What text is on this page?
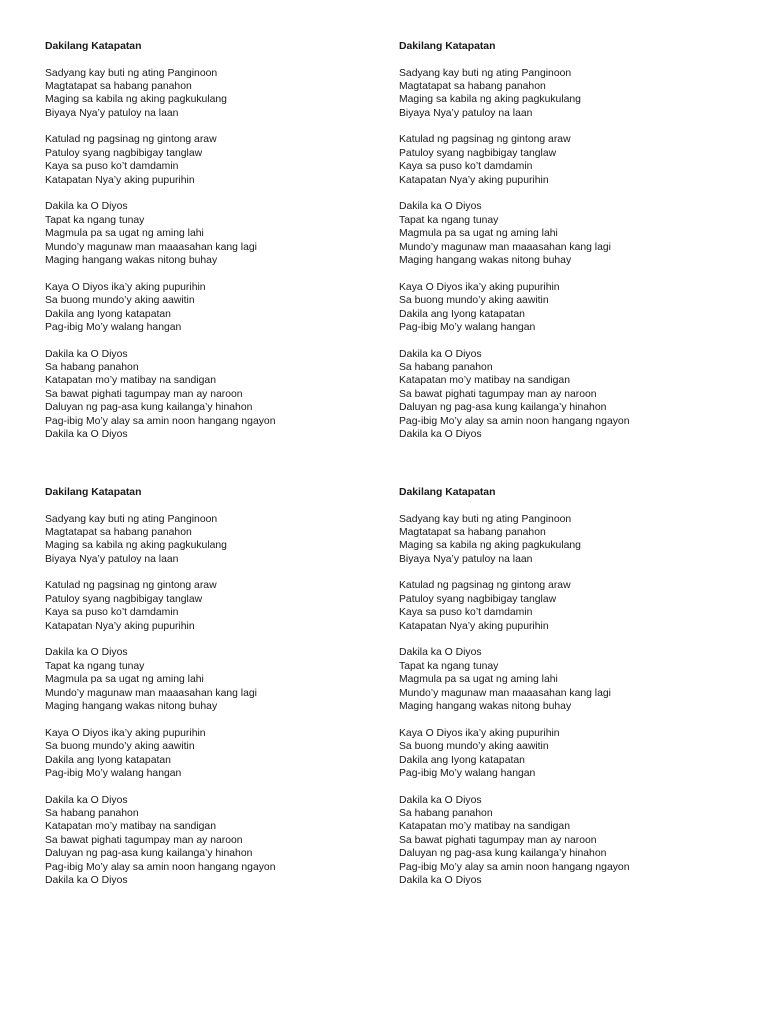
Dakilang Katapatan
Sadyang kay buti ng ating Panginoon
Magtatapat sa habang panahon
Maging sa kabila ng aking pagkukulang
Biyaya Nya’y patuloy na laan
Katulad ng pagsinag ng gintong araw
Patuloy syang nagbibigay tanglaw
Kaya sa puso ko’t damdamin
Katapatan Nya’y aking pupurihin
Dakila ka O Diyos
Tapat ka ngang tunay
Magmula pa sa ugat ng aming lahi
Mundo’y magunaw man maaasahan kang lagi
Maging hangang wakas nitong buhay
Kaya O Diyos ika’y aking pupurihin
Sa buong mundo’y aking aawitin
Dakila ang Iyong katapatan
Pag-ibig Mo’y walang hangan
Dakila ka O Diyos
Sa habang panahon
Katapatan mo’y matibay na sandigan
Sa bawat pighati tagumpay man ay naroon
Daluyan ng pag-asa kung kailanga’y hinahon
Pag-ibig Mo’y alay sa amin noon hangang ngayon
Dakila ka O Diyos
Dakilang Katapatan
Sadyang kay buti ng ating Panginoon
Magtatapat sa habang panahon
Maging sa kabila ng aking pagkukulang
Biyaya Nya’y patuloy na laan
Katulad ng pagsinag ng gintong araw
Patuloy syang nagbibigay tanglaw
Kaya sa puso ko’t damdamin
Katapatan Nya’y aking pupurihin
Dakila ka O Diyos
Tapat ka ngang tunay
Magmula pa sa ugat ng aming lahi
Mundo’y magunaw man maaasahan kang lagi
Maging hangang wakas nitong buhay
Kaya O Diyos ika’y aking pupurihin
Sa buong mundo’y aking aawitin
Dakila ang Iyong katapatan
Pag-ibig Mo’y walang hangan
Dakila ka O Diyos
Sa habang panahon
Katapatan mo’y matibay na sandigan
Sa bawat pighati tagumpay man ay naroon
Daluyan ng pag-asa kung kailanga’y hinahon
Pag-ibig Mo’y alay sa amin noon hangang ngayon
Dakila ka O Diyos
Dakilang Katapatan
Sadyang kay buti ng ating Panginoon
Magtatapat sa habang panahon
Maging sa kabila ng aking pagkukulang
Biyaya Nya’y patuloy na laan
Katulad ng pagsinag ng gintong araw
Patuloy syang nagbibigay tanglaw
Kaya sa puso ko’t damdamin
Katapatan Nya’y aking pupurihin
Dakila ka O Diyos
Tapat ka ngang tunay
Magmula pa sa ugat ng aming lahi
Mundo’y magunaw man maaasahan kang lagi
Maging hangang wakas nitong buhay
Kaya O Diyos ika’y aking pupurihin
Sa buong mundo’y aking aawitin
Dakila ang Iyong katapatan
Pag-ibig Mo’y walang hangan
Dakila ka O Diyos
Sa habang panahon
Katapatan mo’y matibay na sandigan
Sa bawat pighati tagumpay man ay naroon
Daluyan ng pag-asa kung kailanga’y hinahon
Pag-ibig Mo’y alay sa amin noon hangang ngayon
Dakila ka O Diyos
Dakilang Katapatan
Sadyang kay buti ng ating Panginoon
Magtatapat sa habang panahon
Maging sa kabila ng aking pagkukulang
Biyaya Nya’y patuloy na laan
Katulad ng pagsinag ng gintong araw
Patuloy syang nagbibigay tanglaw
Kaya sa puso ko’t damdamin
Katapatan Nya’y aking pupurihin
Dakila ka O Diyos
Tapat ka ngang tunay
Magmula pa sa ugat ng aming lahi
Mundo’y magunaw man maaasahan kang lagi
Maging hangang wakas nitong buhay
Kaya O Diyos ika’y aking pupurihin
Sa buong mundo’y aking aawitin
Dakila ang Iyong katapatan
Pag-ibig Mo’y walang hangan
Dakila ka O Diyos
Sa habang panahon
Katapatan mo’y matibay na sandigan
Sa bawat pighati tagumpay man ay naroon
Daluyan ng pag-asa kung kailanga’y hinahon
Pag-ibig Mo’y alay sa amin noon hangang ngayon
Dakila ka O Diyos
